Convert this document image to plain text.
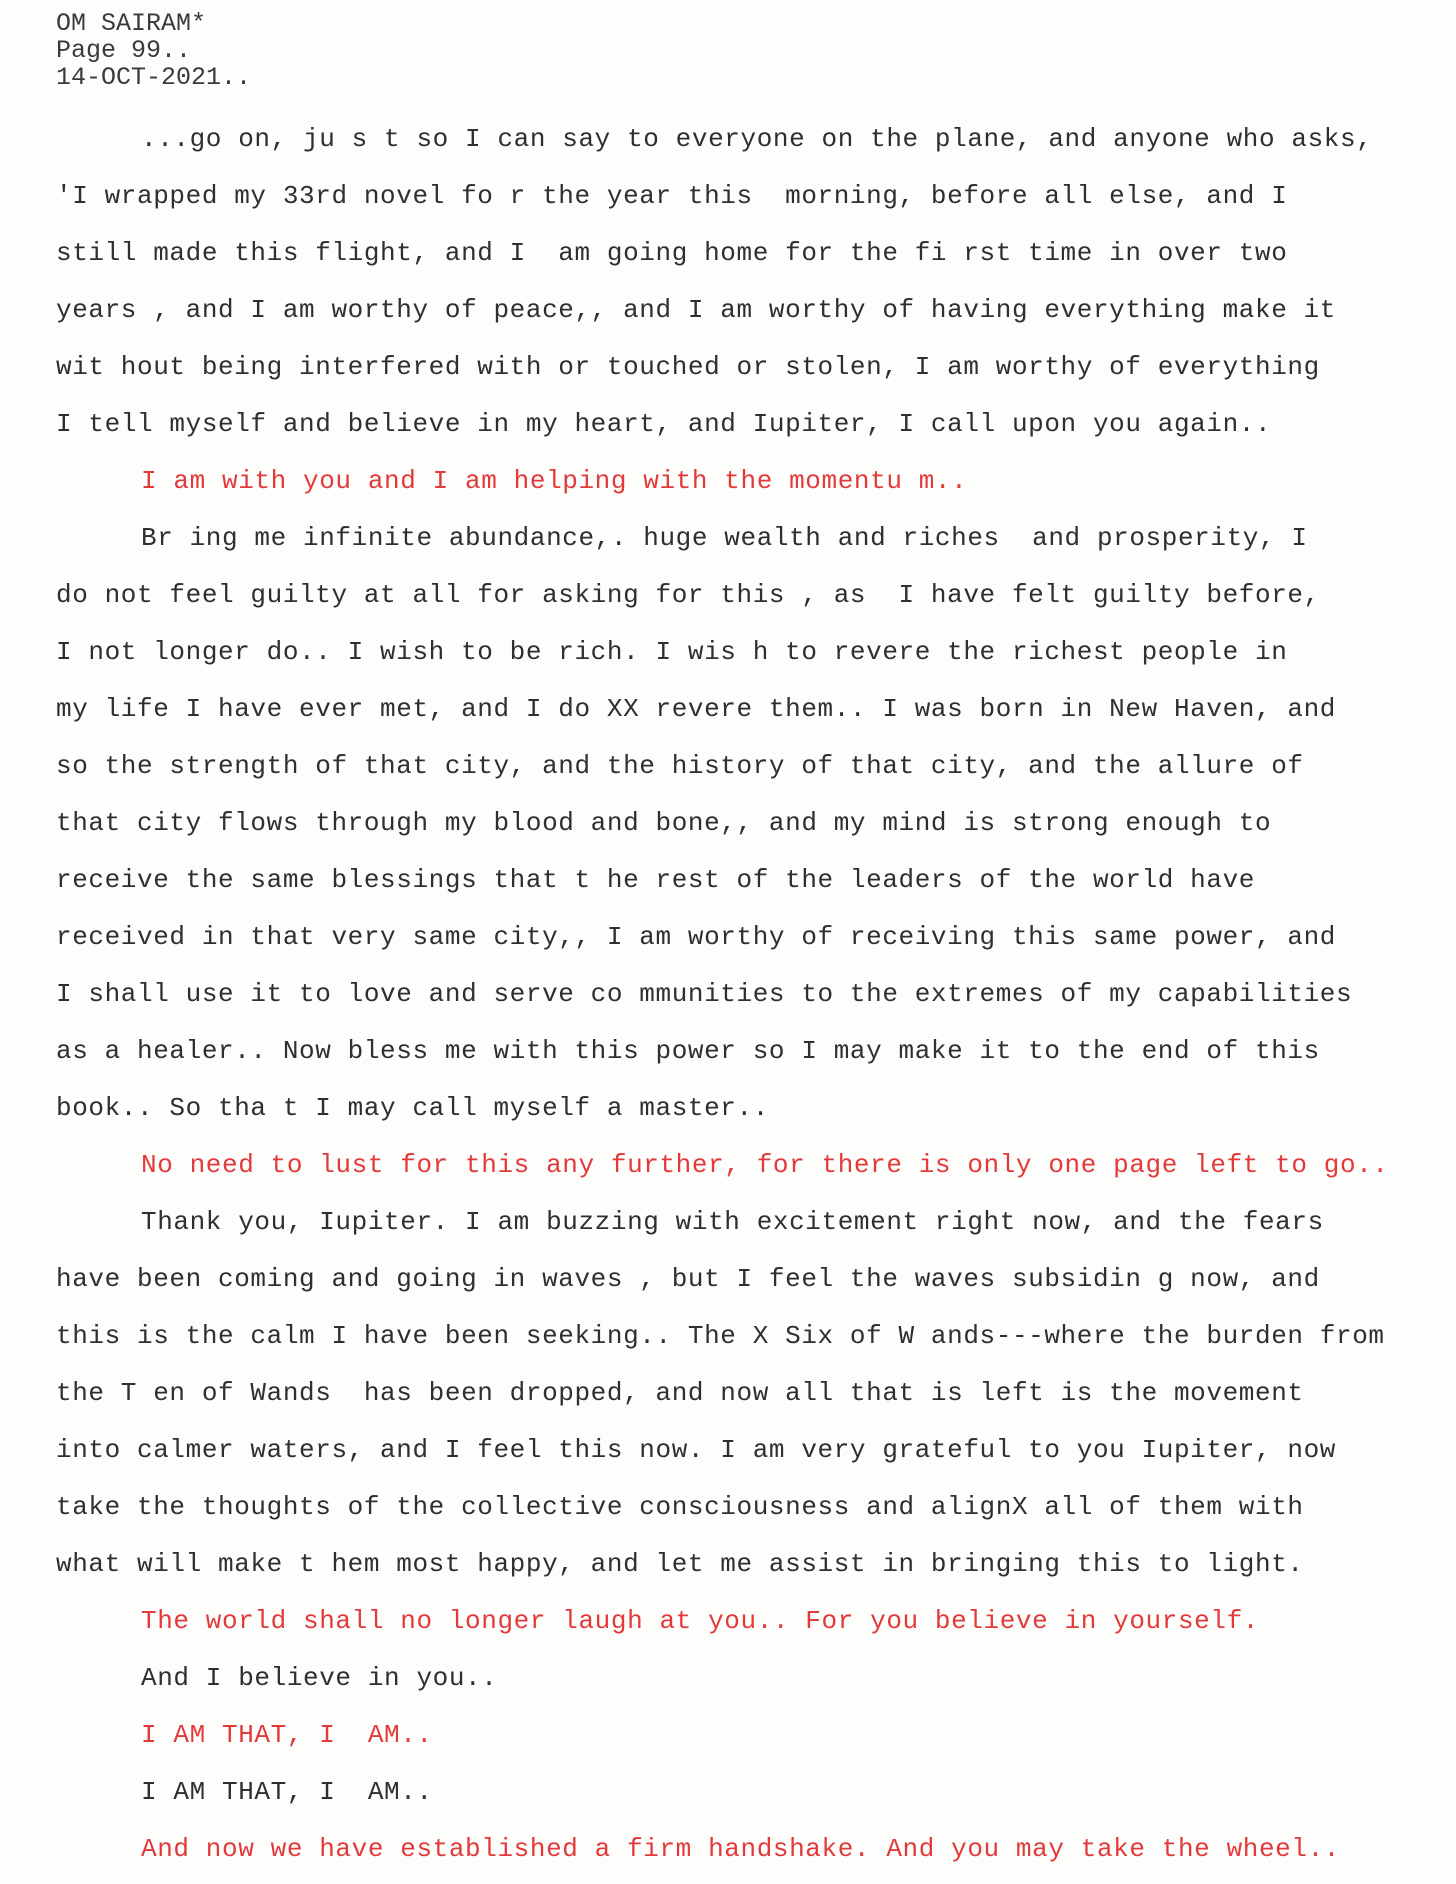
OM SAIRAM*
Page 99..
14-OCT-2021..
...go on, ju s t so I can say to everyone on the plane, and anyone who asks,
'I wrapped my 33rd novel fo r the year this  morning, before all else, and I
still made this flight, and I  am going home for the fi rst time in over two
years , and I am worthy of peace,, and I am worthy of having everything make it
wit hout being interfered with or touched or stolen, I am worthy of everything
I tell myself and believe in my heart, and Iupiter, I call upon you again..
I am with you and I am helping with the momentu m..
Br ing me infinite abundance,. huge wealth and riches  and prosperity, I
do not feel guilty at all for asking for this , as  I have felt guilty before,
I not longer do.. I wish to be rich. I wis h to revere the richest people in
my life I have ever met, and I do XX revere them.. I was born in New Haven, and
so the strength of that city, and the history of that city, and the allure of
that city flows through my blood and bone,, and my mind is strong enough to
receive the same blessings that t he rest of the leaders of the world have
received in that very same city,, I am worthy of receiving this same power, and
I shall use it to love and serve co mmunities to the extremes of my capabilities
as a healer.. Now bless me with this power so I may make it to the end of this
book.. So tha t I may call myself a master..
No need to lust for this any further, for there is only one page left to go..
Thank you, Iupiter. I am buzzing with excitement right now, and the fears
have been coming and going in waves , but I feel the waves subsidin g now, and
this is the calm I have been seeking.. The X Six of W ands---where the burden from
the T en of Wands  has been dropped, and now all that is left is the movement
into calmer waters, and I feel this now. I am very grateful to you Iupiter, now
take the thoughts of the collective consciousness and alignX all of them with
what will make t hem most happy, and let me assist in bringing this to light.
The world shall no longer laugh at you.. For you believe in yourself.
And I believe in you..
I AM THAT, I  AM..
I AM THAT, I  AM..
And now we have established a firm handshake. And you may take the wheel..
